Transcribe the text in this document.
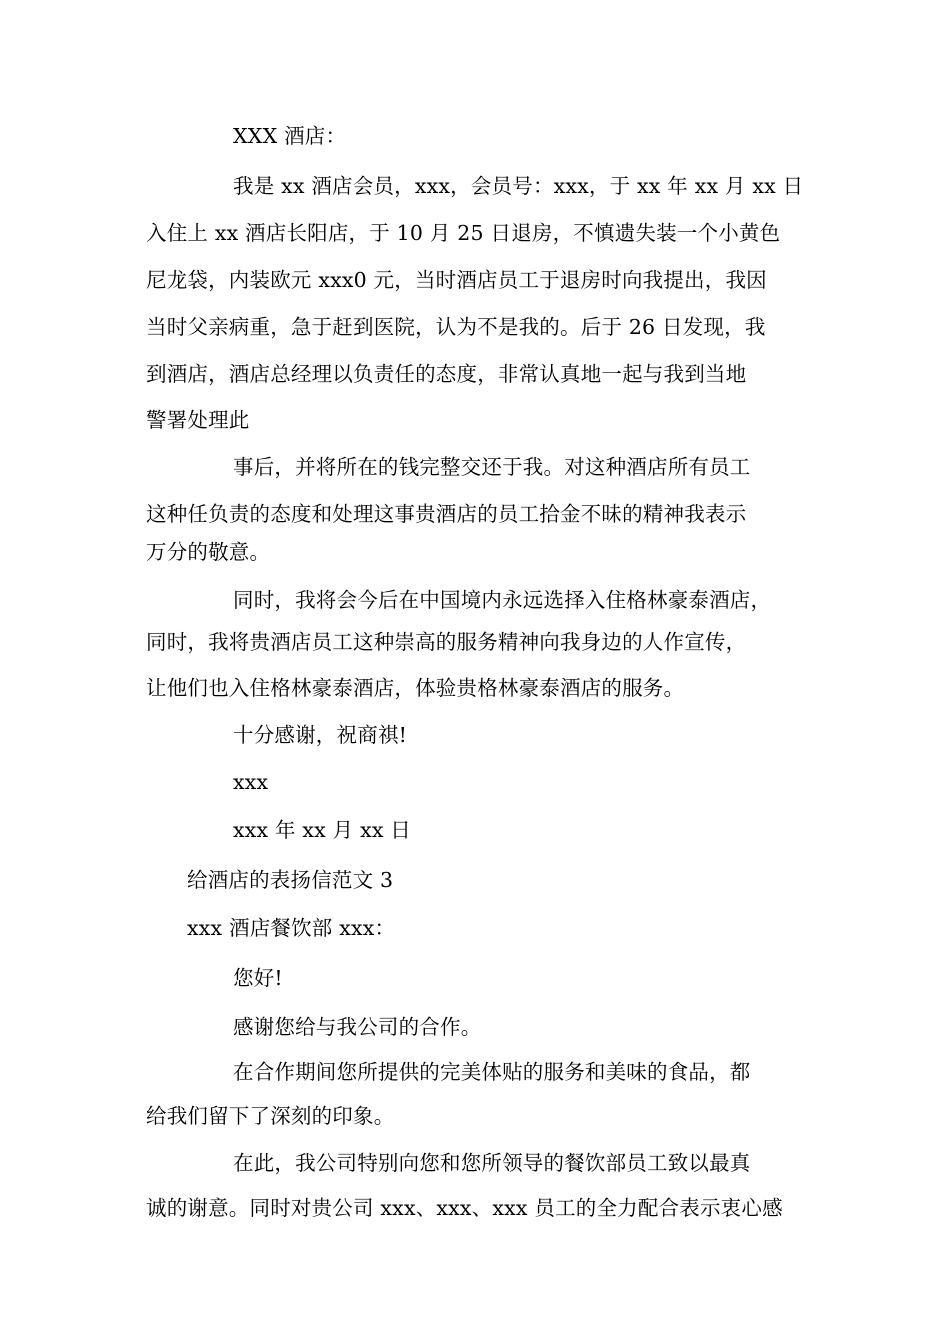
XXX 酒店：
我是 xx 酒店会员，xxx，会员号：xxx，于 xx 年 xx 月 xx 日
入住上 xx 酒店长阳店，于 10 月 25 日退房，不慎遗失装一个小黄色
尼龙袋，内装欧元 xxx0 元，当时酒店员工于退房时向我提出，我因
当时父亲病重，急于赶到医院，认为不是我的。后于 26 日发现，我
到酒店，酒店总经理以负责任的态度，非常认真地一起与我到当地
警署处理此
事后，并将所在的钱完整交还于我。对这种酒店所有员工
这种任负责的态度和处理这事贵酒店的员工拾金不昧的精神我表示
万分的敬意。
同时，我将会今后在中国境内永远选择入住格林豪泰酒店，
同时，我将贵酒店员工这种崇高的服务精神向我身边的人作宣传，
让他们也入住格林豪泰酒店，体验贵格林豪泰酒店的服务。
十分感谢，祝商祺!
xxx
xxx 年 xx 月 xx 日
给酒店的表扬信范文 3
xxx 酒店餐饮部 xxx：
您好!
感谢您给与我公司的合作。
在合作期间您所提供的完美体贴的服务和美味的食品，都
给我们留下了深刻的印象。
在此，我公司特别向您和您所领导的餐饮部员工致以最真
诚的谢意。同时对贵公司 xxx、xxx、xxx 员工的全力配合表示衷心感
